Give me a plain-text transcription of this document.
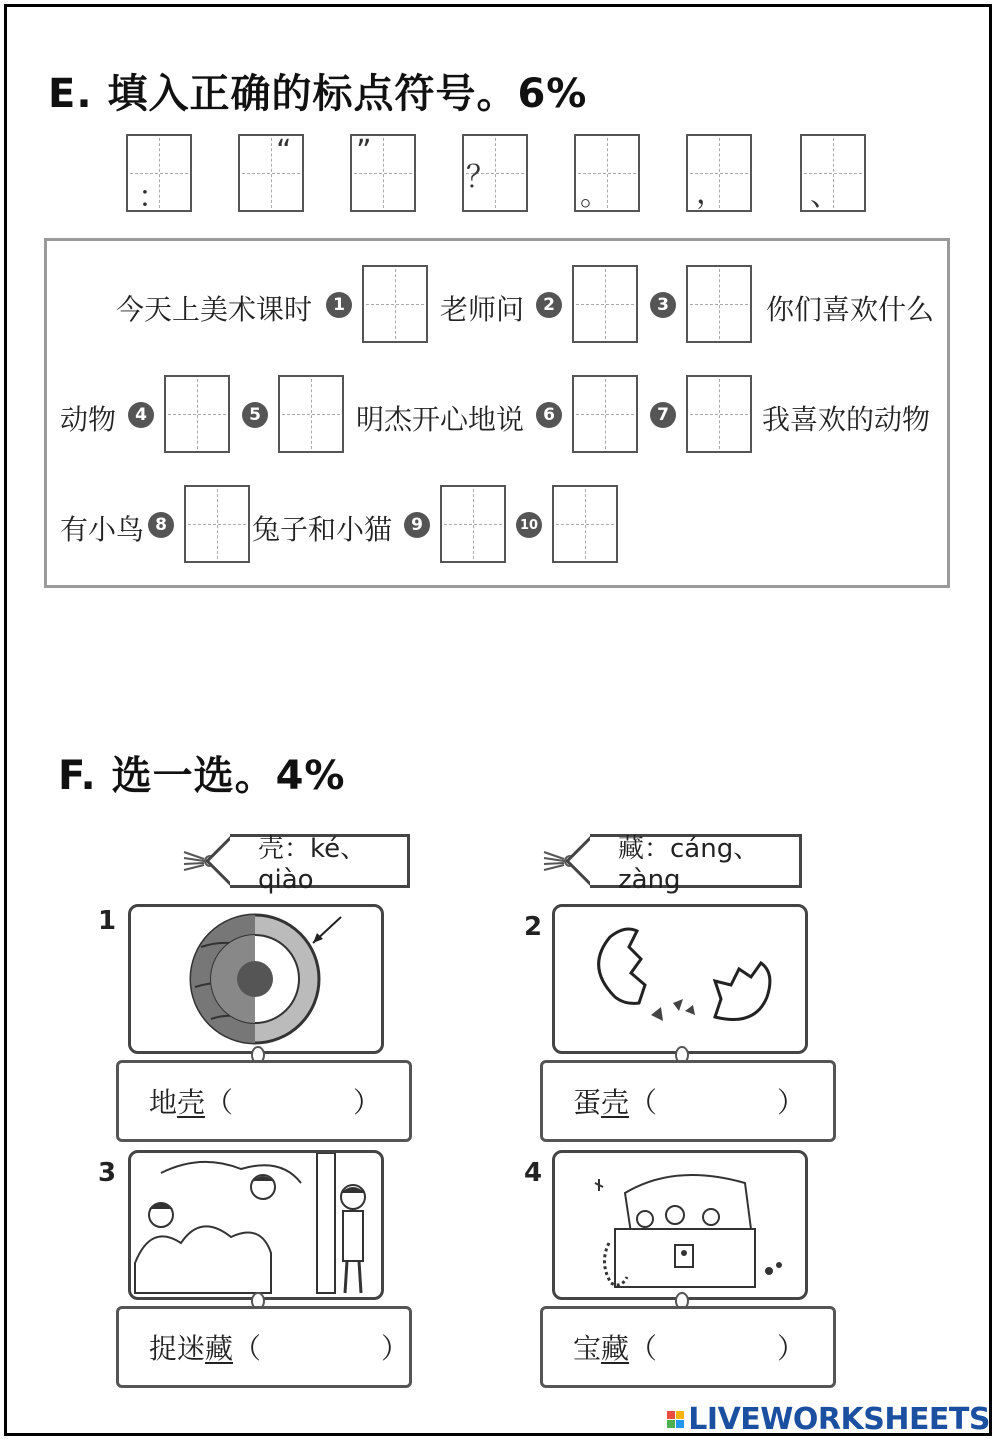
E. 填入正确的标点符号。6%
：
“ ”
？
。	，	、
今天上美术课时	1	老师问	2	3	你们喜欢什么
动物	4	5	明杰开心地说	6	7	我喜欢的动物
有小鸟 8	兔子和小猫	9	10
F. 选一选。4%
壳：ké、qiào
藏：cáng、zàng
1
地 壳 （	）
2
蛋 壳 （	）
3
捉迷 藏 （	）
4
宝 藏 （	）
LIVEWORKSHEETS
